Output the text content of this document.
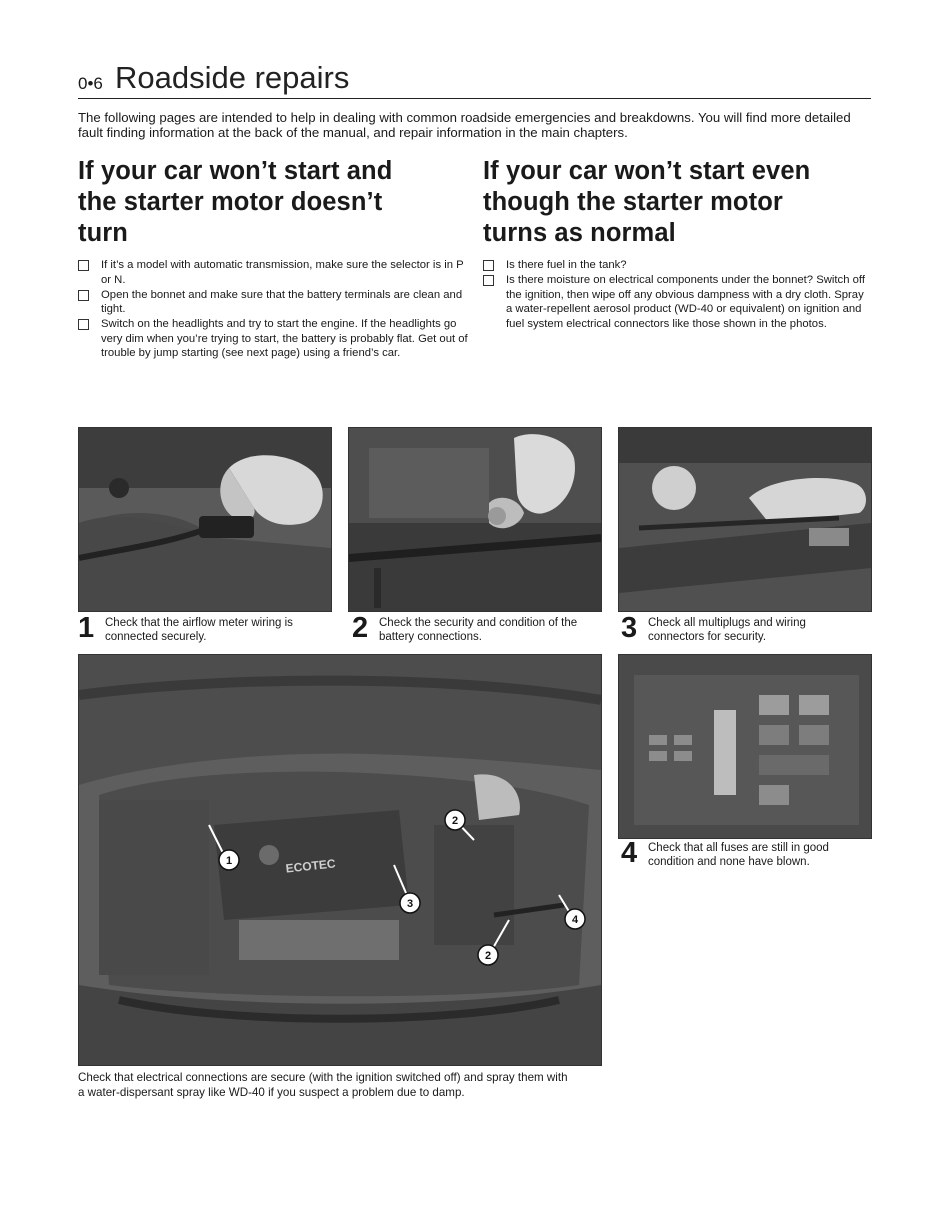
0•6 Roadside repairs

The following pages are intended to help in dealing with common roadside emergencies and breakdowns. You will find more detailed fault finding information at the back of the manual, and repair information in the main chapters.

If your car won’t start and
the starter motor doesn’t
turn
If your car won’t start even
though the starter motor
turns as normal
If it’s a model with automatic transmission, make sure the selector is in P or N.
Open the bonnet and make sure that the battery terminals are clean and tight.
Switch on the headlights and try to start the engine. If the headlights go very dim when you’re trying to start, the battery is probably flat. Get out of trouble by jump starting (see next page) using a friend’s car.
Is there fuel in the tank?
Is there moisture on electrical components under the bonnet? Switch off the ignition, then wipe off any obvious dampness with a dry cloth. Spray a water-repellent aerosol product (WD-40 or equivalent) on ignition and fuel system electrical connectors like those shown in the photos.
ECOTEC
1
2
3
2
4
1 Check that the airflow meter wiring is
connected securely.	2 Check the security and condition of the
battery connections.	3 Check all multiplugs and wiring
connectors for security.
4 Check that all fuses are still in good
condition and none have blown.
Check that electrical connections are secure (with the ignition switched off) and spray them with
a water-dispersant spray like WD-40 if you suspect a problem due to damp.
